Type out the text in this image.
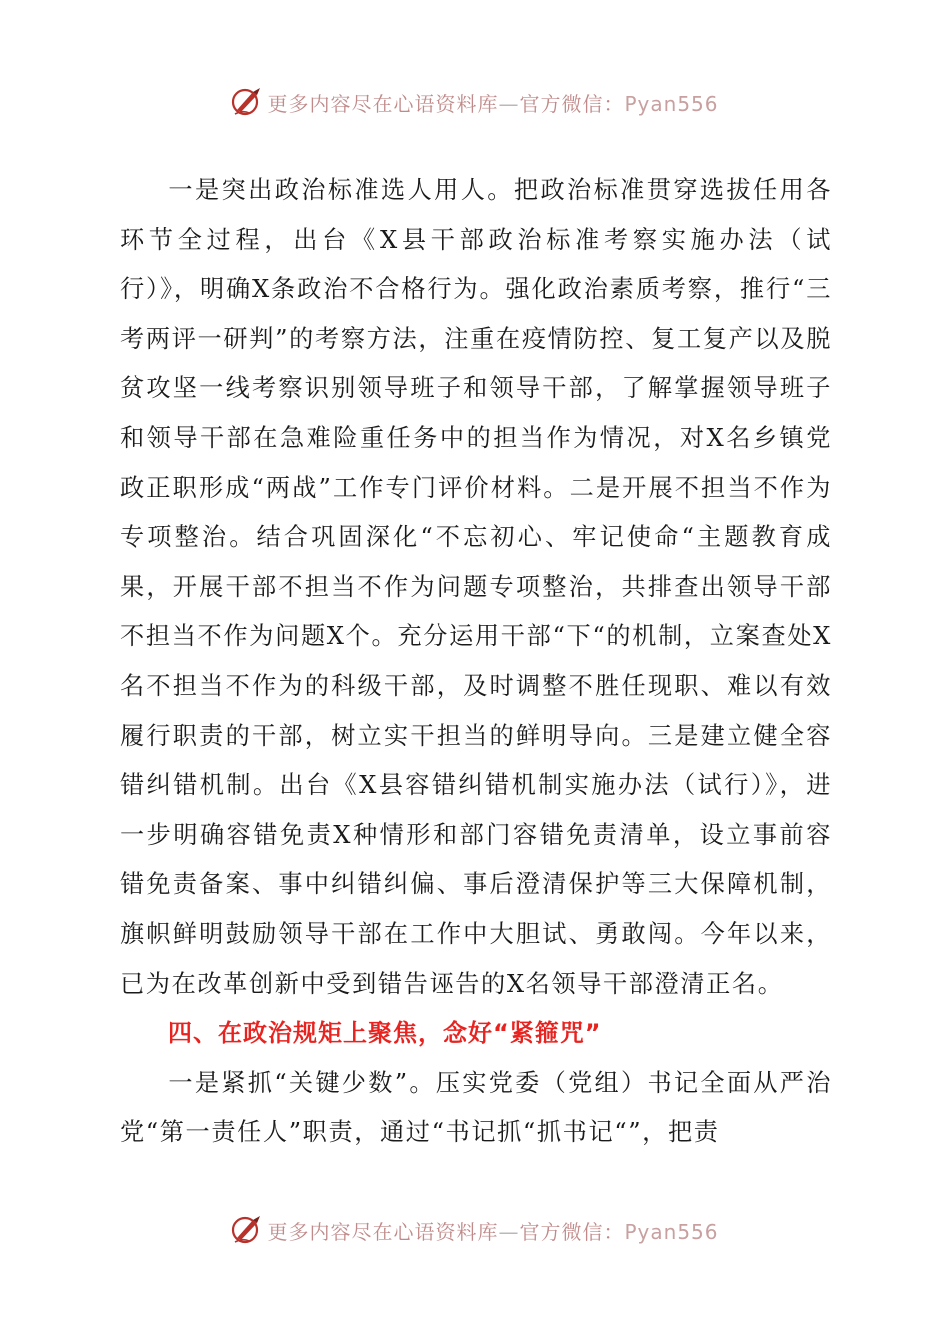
更多内容尽在心语资料库—官方微信：Pyan556

一是突出政治标准选人用人。把政治标准贯穿选拔任用各环节全过程，出台《X县干部政治标准考察实施办法（试行）》，明确X条政治不合格行为。强化政治素质考察，推行“三考两评一研判”的考察方法，注重在疫情防控、复工复产以及脱贫攻坚一线考察识别领导班子和领导干部，了解掌握领导班子和领导干部在急难险重任务中的担当作为情况，对X名乡镇党政正职形成“两战”工作专门评价材料。二是开展不担当不作为专项整治。结合巩固深化“不忘初心、牢记使命“主题教育成果，开展干部不担当不作为问题专项整治，共排查出领导干部不担当不作为问题X个。充分运用干部“下“的机制，立案查处X名不担当不作为的科级干部，及时调整不胜任现职、难以有效履行职责的干部，树立实干担当的鲜明导向。三是建立健全容错纠错机制。出台《X县容错纠错机制实施办法（试行）》，进一步明确容错免责X种情形和部门容错免责清单，设立事前容错免责备案、事中纠错纠偏、事后澄清保护等三大保障机制，旗帜鲜明鼓励领导干部在工作中大胆试、勇敢闯。今年以来，已为在改革创新中受到错告诬告的X名领导干部澄清正名。

四、在政治规矩上聚焦，念好“紧箍咒”

一是紧抓“关键少数”。压实党委（党组）书记全面从严治党“第一责任人”职责，通过“书记抓“抓书记“”，把责

更多内容尽在心语资料库—官方微信：Pyan556
